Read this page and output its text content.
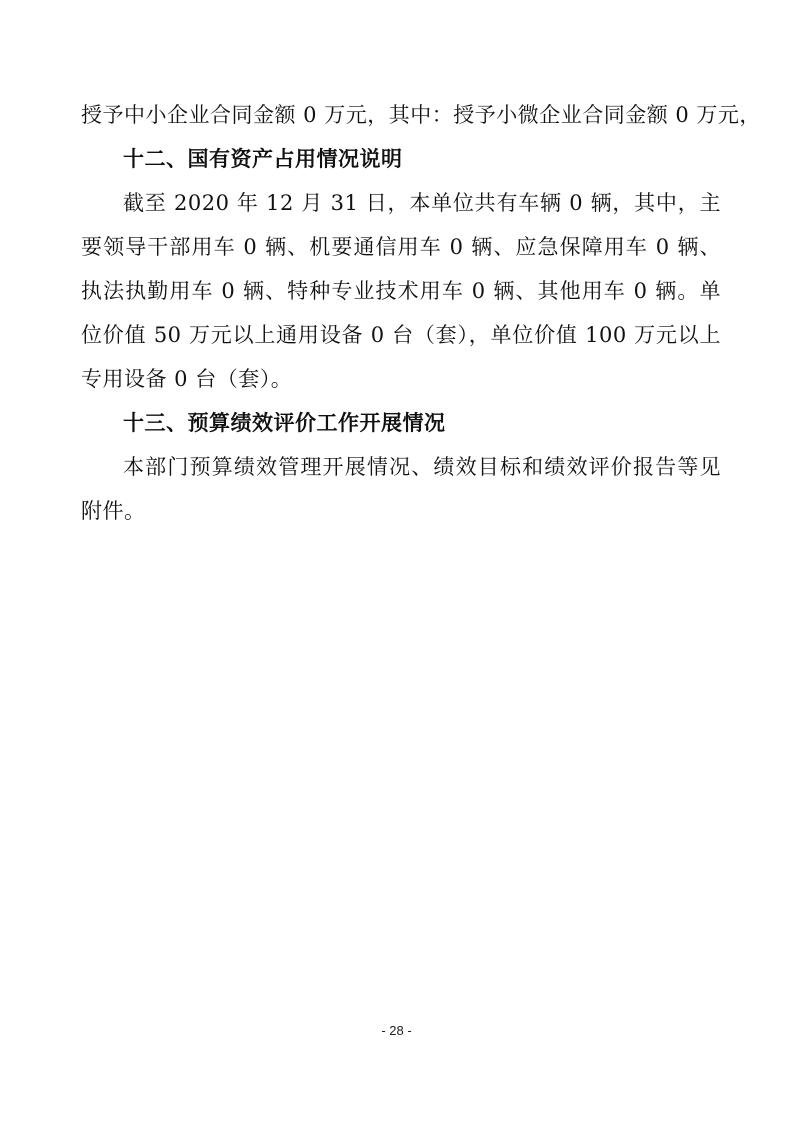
授予中小企业合同金额 0 万元，其中：授予小微企业合同金额 0 万元，
十二、国有资产占用情况说明
截至 2020 年 12 月 31 日，本单位共有车辆 0 辆，其中，主要领导干部用车 0 辆、机要通信用车 0 辆、应急保障用车 0 辆、执法执勤用车 0 辆、特种专业技术用车 0 辆、其他用车 0 辆。单位价值 50 万元以上通用设备 0 台（套），单位价值 100 万元以上专用设备 0 台（套）。
十三、预算绩效评价工作开展情况
本部门预算绩效管理开展情况、绩效目标和绩效评价报告等见附件。
- 28 -
